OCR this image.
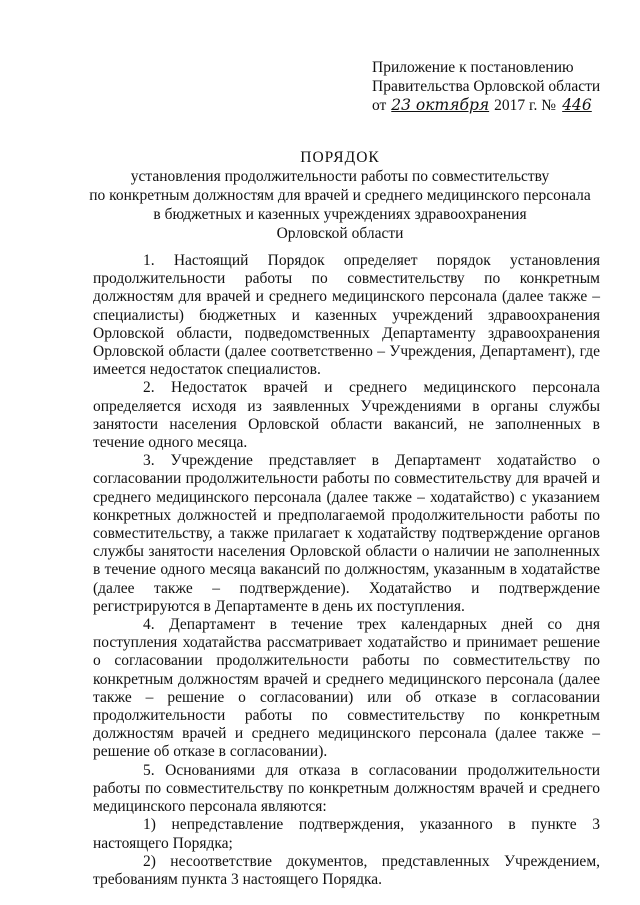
Приложение к постановлению
Правительства Орловской области
от 23 октября 2017 г. № 446
ПОРЯДОК
установления продолжительности работы по совместительству
по конкретным должностям для врачей и среднего медицинского персонала
в бюджетных и казенных учреждениях здравоохранения
Орловской области

1. Настоящий Порядок определяет порядок установления продолжительности работы по совместительству по конкретным должностям для врачей и среднего медицинского персонала (далее также – специалисты) бюджетных и казенных учреждений здравоохранения Орловской области, подведомственных Департаменту здравоохранения Орловской области (далее соответственно – Учреждения, Департамент), где имеется недостаток специалистов.

2. Недостаток врачей и среднего медицинского персонала определяется исходя из заявленных Учреждениями в органы службы занятости населения Орловской области вакансий, не заполненных в течение одного месяца.

3. Учреждение представляет в Департамент ходатайство о согласовании продолжительности работы по совместительству для врачей и среднего медицинского персонала (далее также – ходатайство) с указанием конкретных должностей и предполагаемой продолжительности работы по совместительству, а также прилагает к ходатайству подтверждение органов службы занятости населения Орловской области о наличии не заполненных в течение одного месяца вакансий по должностям, указанным в ходатайстве (далее также – подтверждение). Ходатайство и подтверждение регистрируются в Департаменте в день их поступления.

4. Департамент в течение трех календарных дней со дня поступления ходатайства рассматривает ходатайство и принимает решение о согласовании продолжительности работы по совместительству по конкретным должностям врачей и среднего медицинского персонала (далее также – решение о согласовании) или об отказе в согласовании продолжительности работы по совместительству по конкретным должностям врачей и среднего медицинского персонала (далее также – решение об отказе в согласовании).

5. Основаниями для отказа в согласовании продолжительности работы по совместительству по конкретным должностям врачей и среднего медицинского персонала являются:

1) непредставление подтверждения, указанного в пункте 3 настоящего Порядка;

2) несоответствие документов, представленных Учреждением, требованиям пункта 3 настоящего Порядка.
